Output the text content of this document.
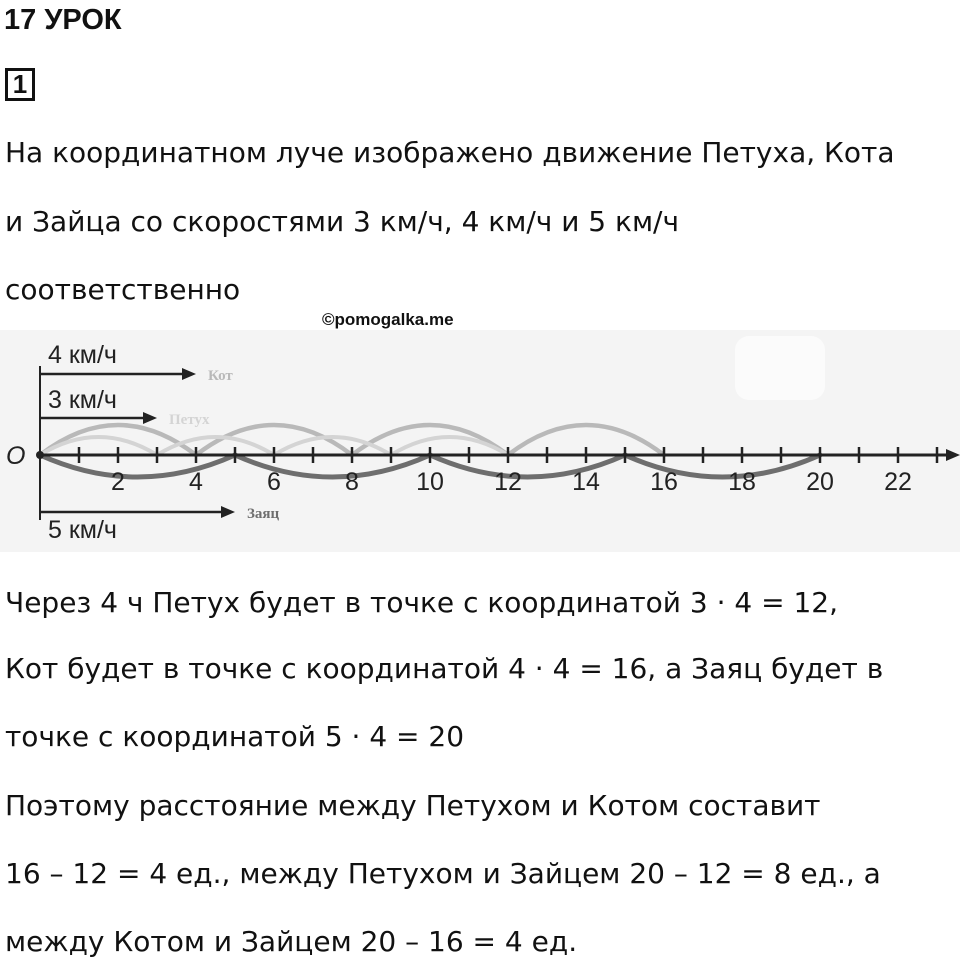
17 УРОК
1

На координатном луче изображено движение Петуха, Кота

и Зайца со скоростями 3 км/ч, 4 км/ч и 5 км/ч

соответственно

O
2	4	6	8 10 12 14 16 18 20 22
4 км/ч
Кот
3 км/ч
Петух
5 км/ч
Заяц

©pomogalka.me

Через 4 ч Петух будет в точке с координатой 3 · 4 = 12,

Кот будет в точке с координатой 4 · 4 = 16, а Заяц будет в

точке с координатой 5 · 4 = 20

Поэтому расстояние между Петухом и Котом составит

16 – 12 = 4 ед., между Петухом и Зайцем 20 – 12 = 8 ед., а

между Котом и Зайцем 20 – 16 = 4 ед.
